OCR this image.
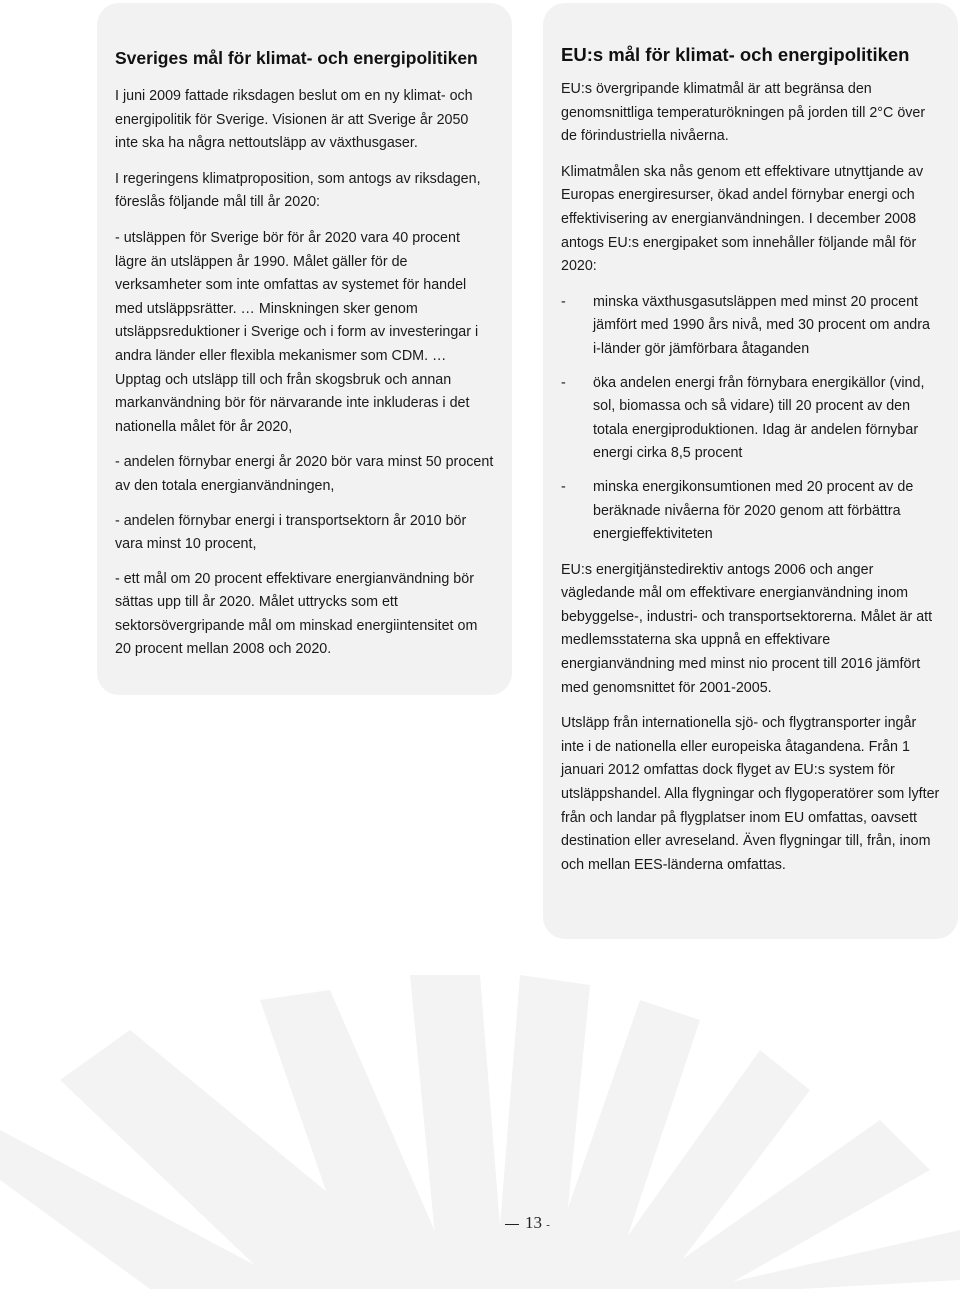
Sveriges mål för klimat- och energipolitiken

I juni 2009 fattade riksdagen beslut om en ny klimat- och energipolitik för Sverige. Visionen är att Sverige år 2050 inte ska ha några nettoutsläpp av växthusgaser.

I regeringens klimatproposition, som antogs av riksdagen, föreslås följande mål till år 2020:

- utsläppen för Sverige bör för år 2020 vara 40 procent lägre än utsläppen år 1990. Målet gäller för de verksamheter som inte omfattas av systemet för handel med utsläppsrätter. … Minskningen sker genom utsläppsreduktioner i Sverige och i form av investeringar i andra länder eller flexibla mekanismer som CDM. … Upptag och utsläpp till och från skogsbruk och annan markanvändning bör för närvarande inte inkluderas i det nationella målet för år 2020,

- andelen förnybar energi år 2020 bör vara minst 50 procent av den totala energianvändningen,

- andelen förnybar energi i transportsektorn år 2010 bör vara minst 10 procent,

- ett mål om 20 procent effektivare energianvändning bör sättas upp till år 2020. Målet uttrycks som ett sektorsövergripande mål om minskad energiintensitet om 20 procent mellan 2008 och 2020.

EU:s mål för klimat- och energipolitiken

EU:s övergripande klimatmål är att begränsa den genomsnittliga temperaturökningen på jorden till 2°C över de förindustriella nivåerna.

Klimatmålen ska nås genom ett effektivare utnyttjande av Europas energiresurser, ökad andel förnybar energi och effektivisering av energianvändningen. I december 2008 antogs EU:s energipaket som innehåller följande mål för 2020:

- minska växthusgasutsläppen med minst 20 procent jämfört med 1990 års nivå, med 30 procent om andra i-länder gör jämförbara åtaganden
- öka andelen energi från förnybara energikällor (vind, sol, biomassa och så vidare) till 20 procent av den totala energiproduktionen. Idag är andelen förnybar energi cirka 8,5 procent
- minska energikonsumtionen med 20 procent av de beräknade nivåerna för 2020 genom att förbättra energieffektiviteten

EU:s energitjänstedirektiv antogs 2006 och anger vägledande mål om effektivare energianvändning inom bebyggelse-, industri- och transportsektorerna. Målet är att medlemsstaterna ska uppnå en effektivare energianvändning med minst nio procent till 2016 jämfört med genomsnittet för 2001-2005.

Utsläpp från internationella sjö- och flygtransporter ingår inte i de nationella eller europeiska åtagandena. Från 1 januari 2012 omfattas dock flyget av EU:s system för utsläppshandel. Alla flygningar och flygoperatörer som lyfter från och landar på flygplatser inom EU omfattas, oavsett destination eller avreseland. Även flygningar till, från, inom och mellan EES-länderna omfattas.

13 -
